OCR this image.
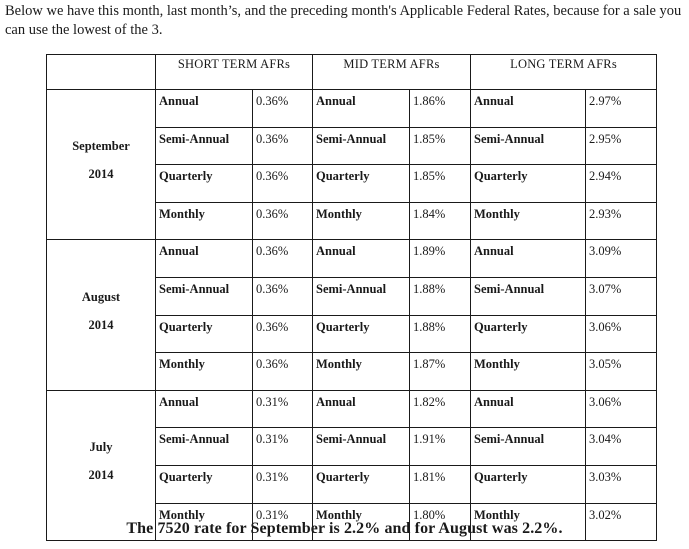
Below we have this month, last month’s, and the preceding month's Applicable Federal Rates, because for a sale you can use the lowest of the 3.

	SHORT TERM AFRs		MID TERM AFRs		LONG TERM AFRs	

September
2014	Annual	0.36%	Annual	1.86%	Annual	2.97%
	Semi-Annual	0.36%	Semi-Annual	1.85%	Semi-Annual	2.95%
	Quarterly	0.36%	Quarterly	1.85%	Quarterly	2.94%
	Monthly	0.36%	Monthly	1.84%	Monthly	2.93%

August
2014	Annual	0.36%	Annual	1.89%	Annual	3.09%
	Semi-Annual	0.36%	Semi-Annual	1.88%	Semi-Annual	3.07%
	Quarterly	0.36%	Quarterly	1.88%	Quarterly	3.06%
	Monthly	0.36%	Monthly	1.87%	Monthly	3.05%

July
2014	Annual	0.31%	Annual	1.82%	Annual	3.06%
	Semi-Annual	0.31%	Semi-Annual	1.91%	Semi-Annual	3.04%
	Quarterly	0.31%	Quarterly	1.81%	Quarterly	3.03%
	Monthly	0.31%	Monthly	1.80%	Monthly	3.02%

The 7520 rate for September is 2.2% and for August was 2.2%.
